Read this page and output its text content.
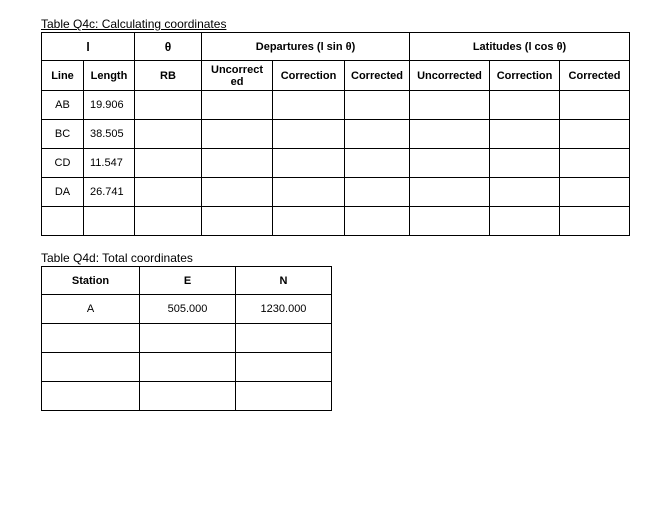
Table Q4c: Calculating coordinates
l		θ	Departures (l sin θ)			Latitudes (l cos θ)		
Line	Length	RB	Uncorrect ed	Correction	Corrected	Uncorrected	Correction	Corrected
AB	19.906							
BC	38.505							
CD	11.547							
DA	26.741							

Table Q4d: Total coordinates
Station	E	N
A	505.000	1230.000
